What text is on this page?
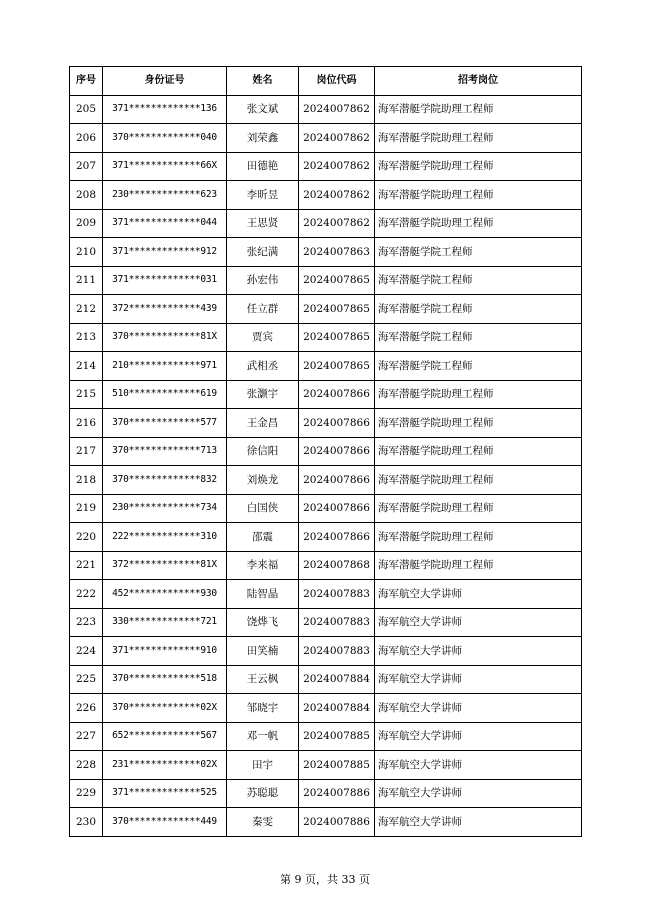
序号	身份证号	姓名	岗位代码	招考岗位
205	371*************136	张文斌	2024007862	海军潜艇学院助理工程师
206	370*************040	刘荣鑫	2024007862	海军潜艇学院助理工程师
207	371*************66X	田德艳	2024007862	海军潜艇学院助理工程师
208	230*************623	李昕昱	2024007862	海军潜艇学院助理工程师
209	371*************044	王思贤	2024007862	海军潜艇学院助理工程师
210	371*************912	张纪满	2024007863	海军潜艇学院工程师
211	371*************031	孙宏伟	2024007865	海军潜艇学院工程师
212	372*************439	任立群	2024007865	海军潜艇学院工程师
213	370*************81X	贾宾	2024007865	海军潜艇学院工程师
214	210*************971	武相丞	2024007865	海军潜艇学院工程师
215	510*************619	张灏宇	2024007866	海军潜艇学院助理工程师
216	370*************577	王金昌	2024007866	海军潜艇学院助理工程师
217	370*************713	徐信阳	2024007866	海军潜艇学院助理工程师
218	370*************832	刘焕龙	2024007866	海军潜艇学院助理工程师
219	230*************734	白国侠	2024007866	海军潜艇学院助理工程师
220	222*************310	邵震	2024007866	海军潜艇学院助理工程师
221	372*************81X	李来福	2024007868	海军潜艇学院助理工程师
222	452*************930	陆智晶	2024007883	海军航空大学讲师
223	330*************721	饶烨飞	2024007883	海军航空大学讲师
224	371*************910	田笑楠	2024007883	海军航空大学讲师
225	370*************518	王云枫	2024007884	海军航空大学讲师
226	370*************02X	邹晓宇	2024007884	海军航空大学讲师
227	652*************567	邓一帆	2024007885	海军航空大学讲师
228	231*************02X	田宇	2024007885	海军航空大学讲师
229	371*************525	苏聪聪	2024007886	海军航空大学讲师
230	370*************449	秦雯	2024007886	海军航空大学讲师
第 9 页，共 33 页
